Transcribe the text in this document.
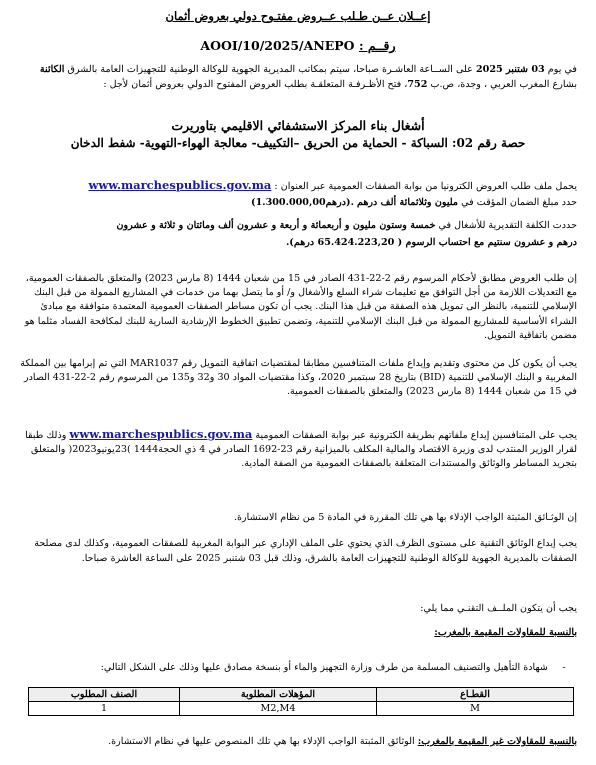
إعــلان عــن طـلب عــروض مفتـوح دولي بعروض أثمان
رقــم : AOOI/10/2025/ANEPO
في يوم 03 شتنبر 2025 على الســاعة العاشـرة صباحا، سيتم بمكاتب المديرية الجهوية للوكالة الوطنية للتجهيزات العامة بالشرق الكائنة بشارع المغرب العربي ، وجدة، ص.ب 752، فتح الأظـرفـة المتعلقـة بطلب العروض المفتوح الدولي بعروض أثمان لأجل :
أشغال بناء المركز الاستشفائي الاقليمي بتاوريرت
حصة رقم 02: السباكة - الحماية من الحريق –التكييف- معالجة الهواء-التهوية- شفط الدخان
يحمل ملف طلب العروض الكترونيا من بوابة الصفقات العمومية عبر العنوان : www.marchespublics.gov.ma
حدد مبلغ الضمان المؤقت في مليون وثلاثمائة ألف درهم (1.300.000,00درهم).
حددت الكلفة التقديرية للأشغال في خمسة وستون مليون و أربعمائة و أربعة و عشرون ألف ومائتان و ثلاثة و عشرون
درهم و عشرون سنتيم مع احتساب الرسوم ( 65.424.223,20 درهم).
إن طلب العروض مطابق لأحكام المرسوم رقم 2-22-431 الصادر في 15 من شعبان 1444 (8 مارس 2023) والمتعلق بالصفقات العمومية، مع التعديلات اللازمة من أجل التوافق مع تعليمات شراء السلع والأشغال و/ أو ما يتصل بهما من خدمات في المشاريع الممولة من قبل البنك الإسلامي للتنمية، بالنظر الى تمويل هذه الصفقة من قبل هذا البنك. يجب أن تكون مساطر الصفقات العمومية المعتمدة متوافقة مع مبادئ الشراء الأساسية للمشاريع الممولة من قبل البنك الإسلامي للتنمية، وتضمن تطبيق الخطوط الإرشادية السارية للبنك لمكافحة الفساد مثلما هو مضمن باتفاقية التمويل.
يجب أن يكون كل من محتوى وتقديم وإيداع ملفات المتنافسين مطابقا لمقتضيات اتفاقية التمويل رقم MAR1037 التي تم إبرامها بين المملكة المغربية و البنك الإسلامي للتنمية (BID) بتاريخ 28 سبتمبر 2020، وكذا مقتضيات المواد 30 و32 و135 من المرسوم رقم 2-22-431 الصادر في 15 من شعبان 1444 (8 مارس 2023) والمتعلق بالصفقات العمومية.
يجب على المتنافسين إيداع ملفاتهم بطريقة الكترونية عبر بوابة الصفقات العمومية www.marchespublics.gov.ma وذلك طبقا لقرار الوزير المنتدب لدى وزيرة الاقتصاد والمالية المكلف بالميزانية رقم 23-1692 الصادر في 4 ذي الحجة1444 )23يونيو2023( والمتعلق بتجريد المساطر والوثائق والمستندات المتعلقة بالصفقات العمومية من الصفة المادية.
إن الوثـائق المثبتة الواجب الإدلاء بها هي تلك المقررة في المادة 5 من نظام الاستشارة.
يجب إيداع الوثائق التقنية على مستوى الظرف الذي يحتوي على الملف الإداري عبر البوابة المغربية للصفقات العمومية، وكذلك لدى مصلحة الصفقات بالمديرية الجهوية للوكالة الوطنية للتجهيزات العامة بالشرق، وذلك قبل 03 شتنبر 2025 على الساعة العاشرة صباحا.
يجب أن يتكون الملــف التقنـي مما يلي:
بالنسبة للمقاولات المقيمة بالمغرب:
- شهادة التأهيل والتصنيف المسلمة من طرف وزارة التجهيز والماء أو بنسخة مصادق عليها وذلك على الشكل التالي:
القطـاع	المؤهلات المطلوبة	الصنف المطلوب
M	M2,M4	1
بالنسبة للمقاولات غير المقيمة بالمغرب: الوثائق المثبتة الواجب الإدلاء بها هي تلك المنصوص عليها في نظام الاستشارة.
